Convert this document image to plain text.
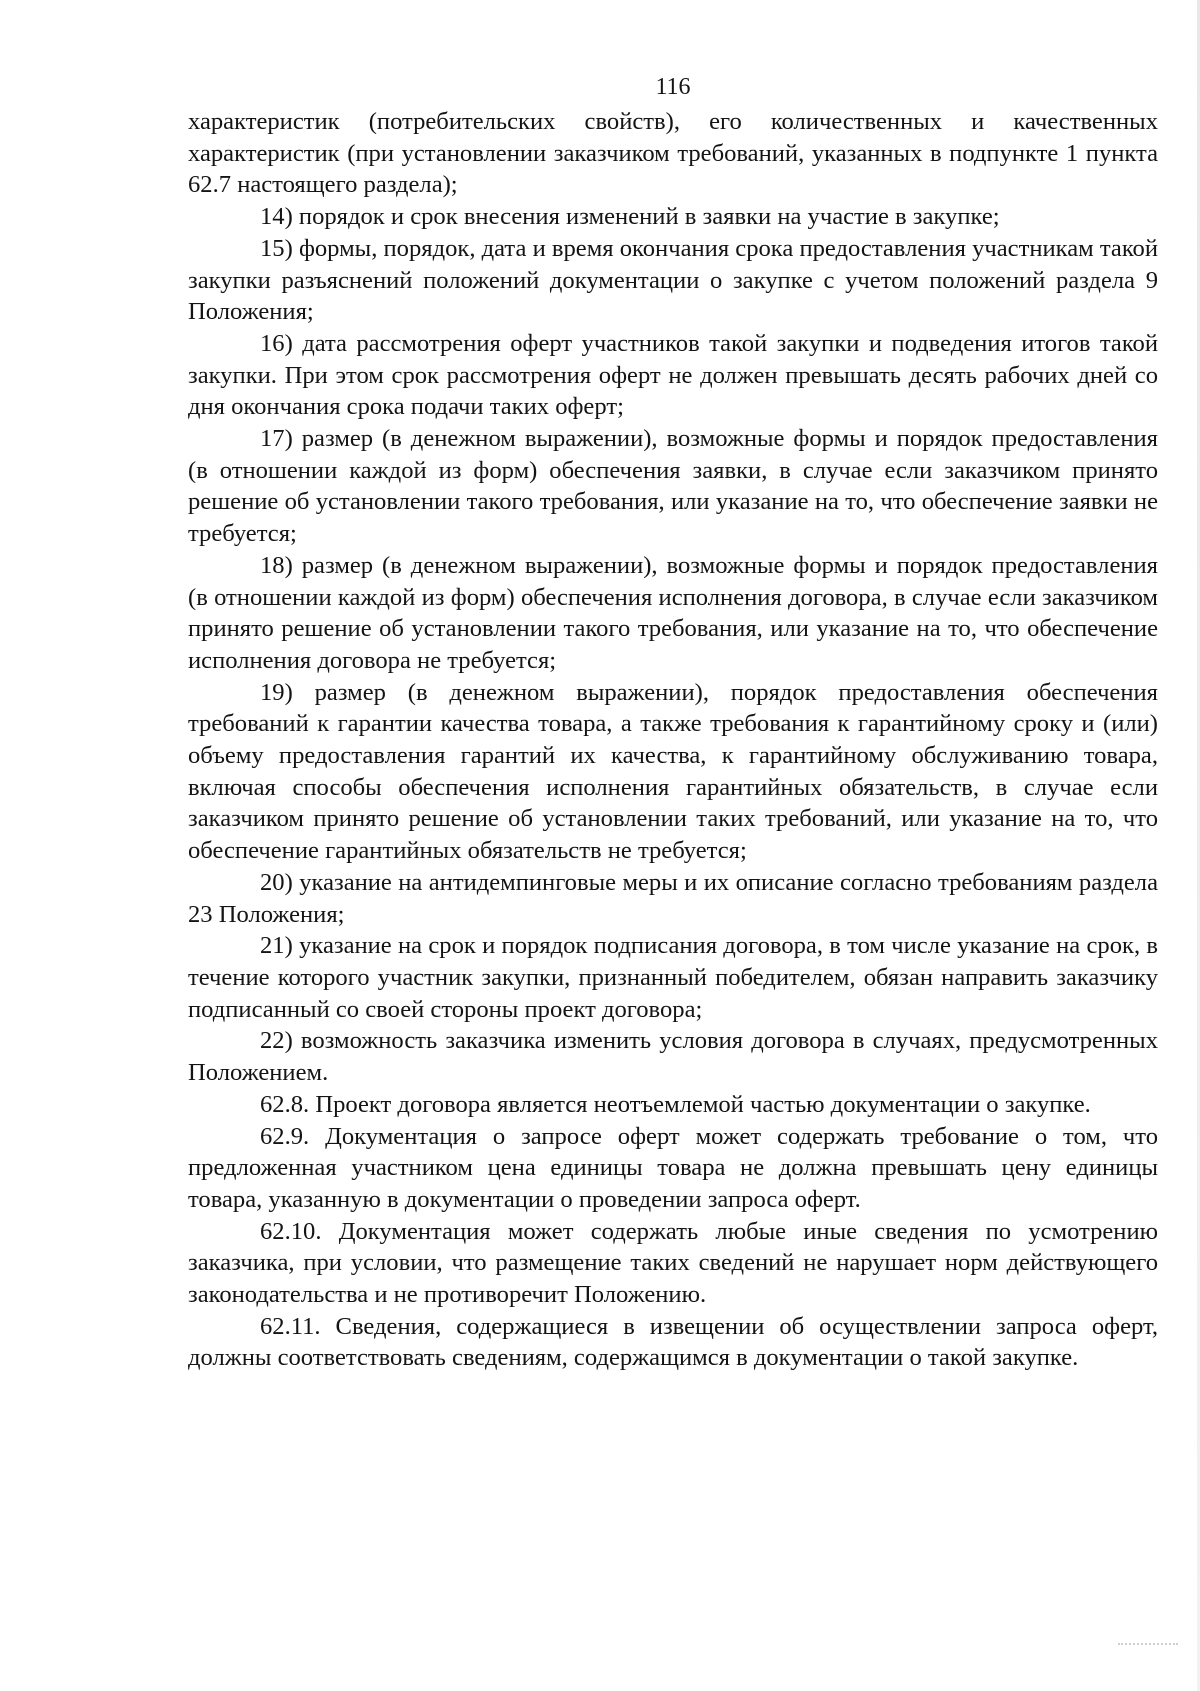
116

характеристик (потребительских свойств), его количественных и качественных характеристик (при установлении заказчиком требований, указанных в подпункте 1 пункта 62.7 настоящего раздела);

14) порядок и срок внесения изменений в заявки на участие в закупке;

15) формы, порядок, дата и время окончания срока предоставления участникам такой закупки разъяснений положений документации о закупке с учетом положений раздела 9 Положения;

16) дата рассмотрения оферт участников такой закупки и подведения итогов такой закупки. При этом срок рассмотрения оферт не должен превышать десять рабочих дней со дня окончания срока подачи таких оферт;

17) размер (в денежном выражении), возможные формы и порядок предоставления (в отношении каждой из форм) обеспечения заявки, в случае если заказчиком принято решение об установлении такого требования, или указание на то, что обеспечение заявки не требуется;

18) размер (в денежном выражении), возможные формы и порядок предоставления (в отношении каждой из форм) обеспечения исполнения договора, в случае если заказчиком принято решение об установлении такого требования, или указание на то, что обеспечение исполнения договора не требуется;

19) размер (в денежном выражении), порядок предоставления обеспечения требований к гарантии качества товара, а также требования к гарантийному сроку и (или) объему предоставления гарантий их качества, к гарантийному обслуживанию товара, включая способы обеспечения исполнения гарантийных обязательств, в случае если заказчиком принято решение об установлении таких требований, или указание на то, что обеспечение гарантийных обязательств не требуется;

20) указание на антидемпинговые меры и их описание согласно требованиям раздела 23 Положения;

21) указание на срок и порядок подписания договора, в том числе указание на срок, в течение которого участник закупки, признанный победителем, обязан направить заказчику подписанный со своей стороны проект договора;

22) возможность заказчика изменить условия договора в случаях, предусмотренных Положением.

62.8. Проект договора является неотъемлемой частью документации о закупке.

62.9. Документация о запросе оферт может содержать требование о том, что предложенная участником цена единицы товара не должна превышать цену единицы товара, указанную в документации о проведении запроса оферт.

62.10. Документация может содержать любые иные сведения по усмотрению заказчика, при условии, что размещение таких сведений не нарушает норм действующего законодательства и не противоречит Положению.

62.11. Сведения, содержащиеся в извещении об осуществлении запроса оферт, должны соответствовать сведениям, содержащимся в документации о такой закупке.
